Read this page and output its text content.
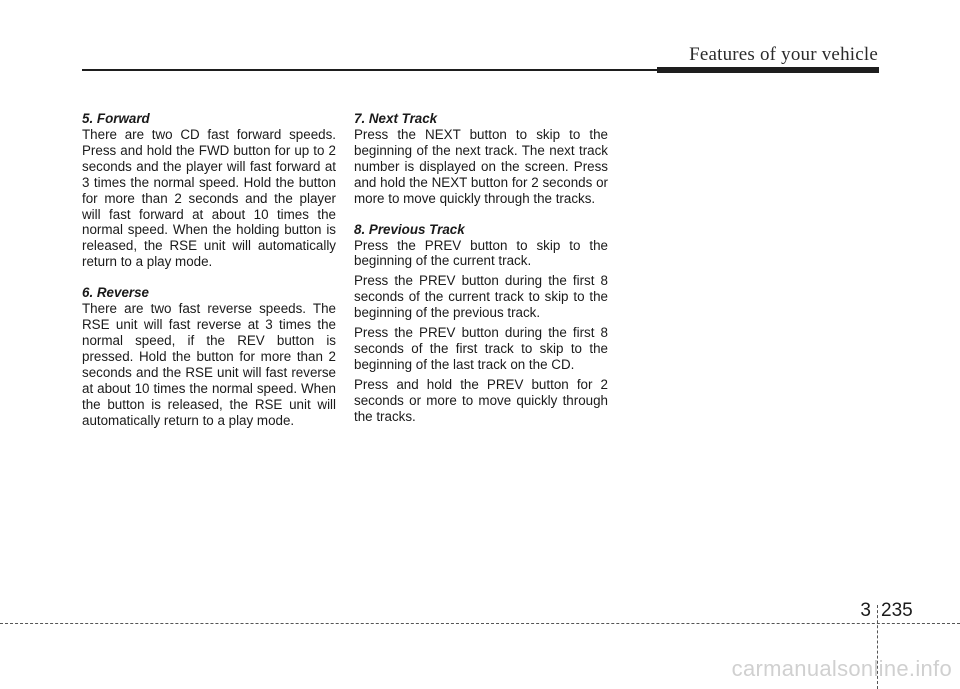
Features of your vehicle
5. Forward

There are two CD fast forward speeds. Press and hold the FWD button for up to 2 seconds and the player will fast forward at 3 times the normal speed. Hold the button for more than 2 seconds and the player will fast forward at about 10 times the normal speed. When the holding button is released, the RSE unit will automatically return to a play mode.

6. Reverse

There are two fast reverse speeds. The RSE unit will fast reverse at 3 times the normal speed, if the REV button is pressed. Hold the button for more than 2 seconds and the RSE unit will fast reverse at about 10 times the normal speed. When the button is released, the RSE unit will automatically return to a play mode.

7. Next Track

Press the NEXT button to skip to the beginning of the next track. The next track number is displayed on the screen. Press and hold the NEXT button for 2 seconds or more to move quickly through the tracks.

8. Previous Track

Press the PREV button to skip to the beginning of the current track.

Press the PREV button during the first 8 seconds of the current track to skip to the beginning of the previous track.

Press the PREV button during the first 8 seconds of the first track to skip to the beginning of the last track on the CD.

Press and hold the PREV button for 2 seconds or more to move quickly through the tracks.

3 235
carmanualsonline.info
